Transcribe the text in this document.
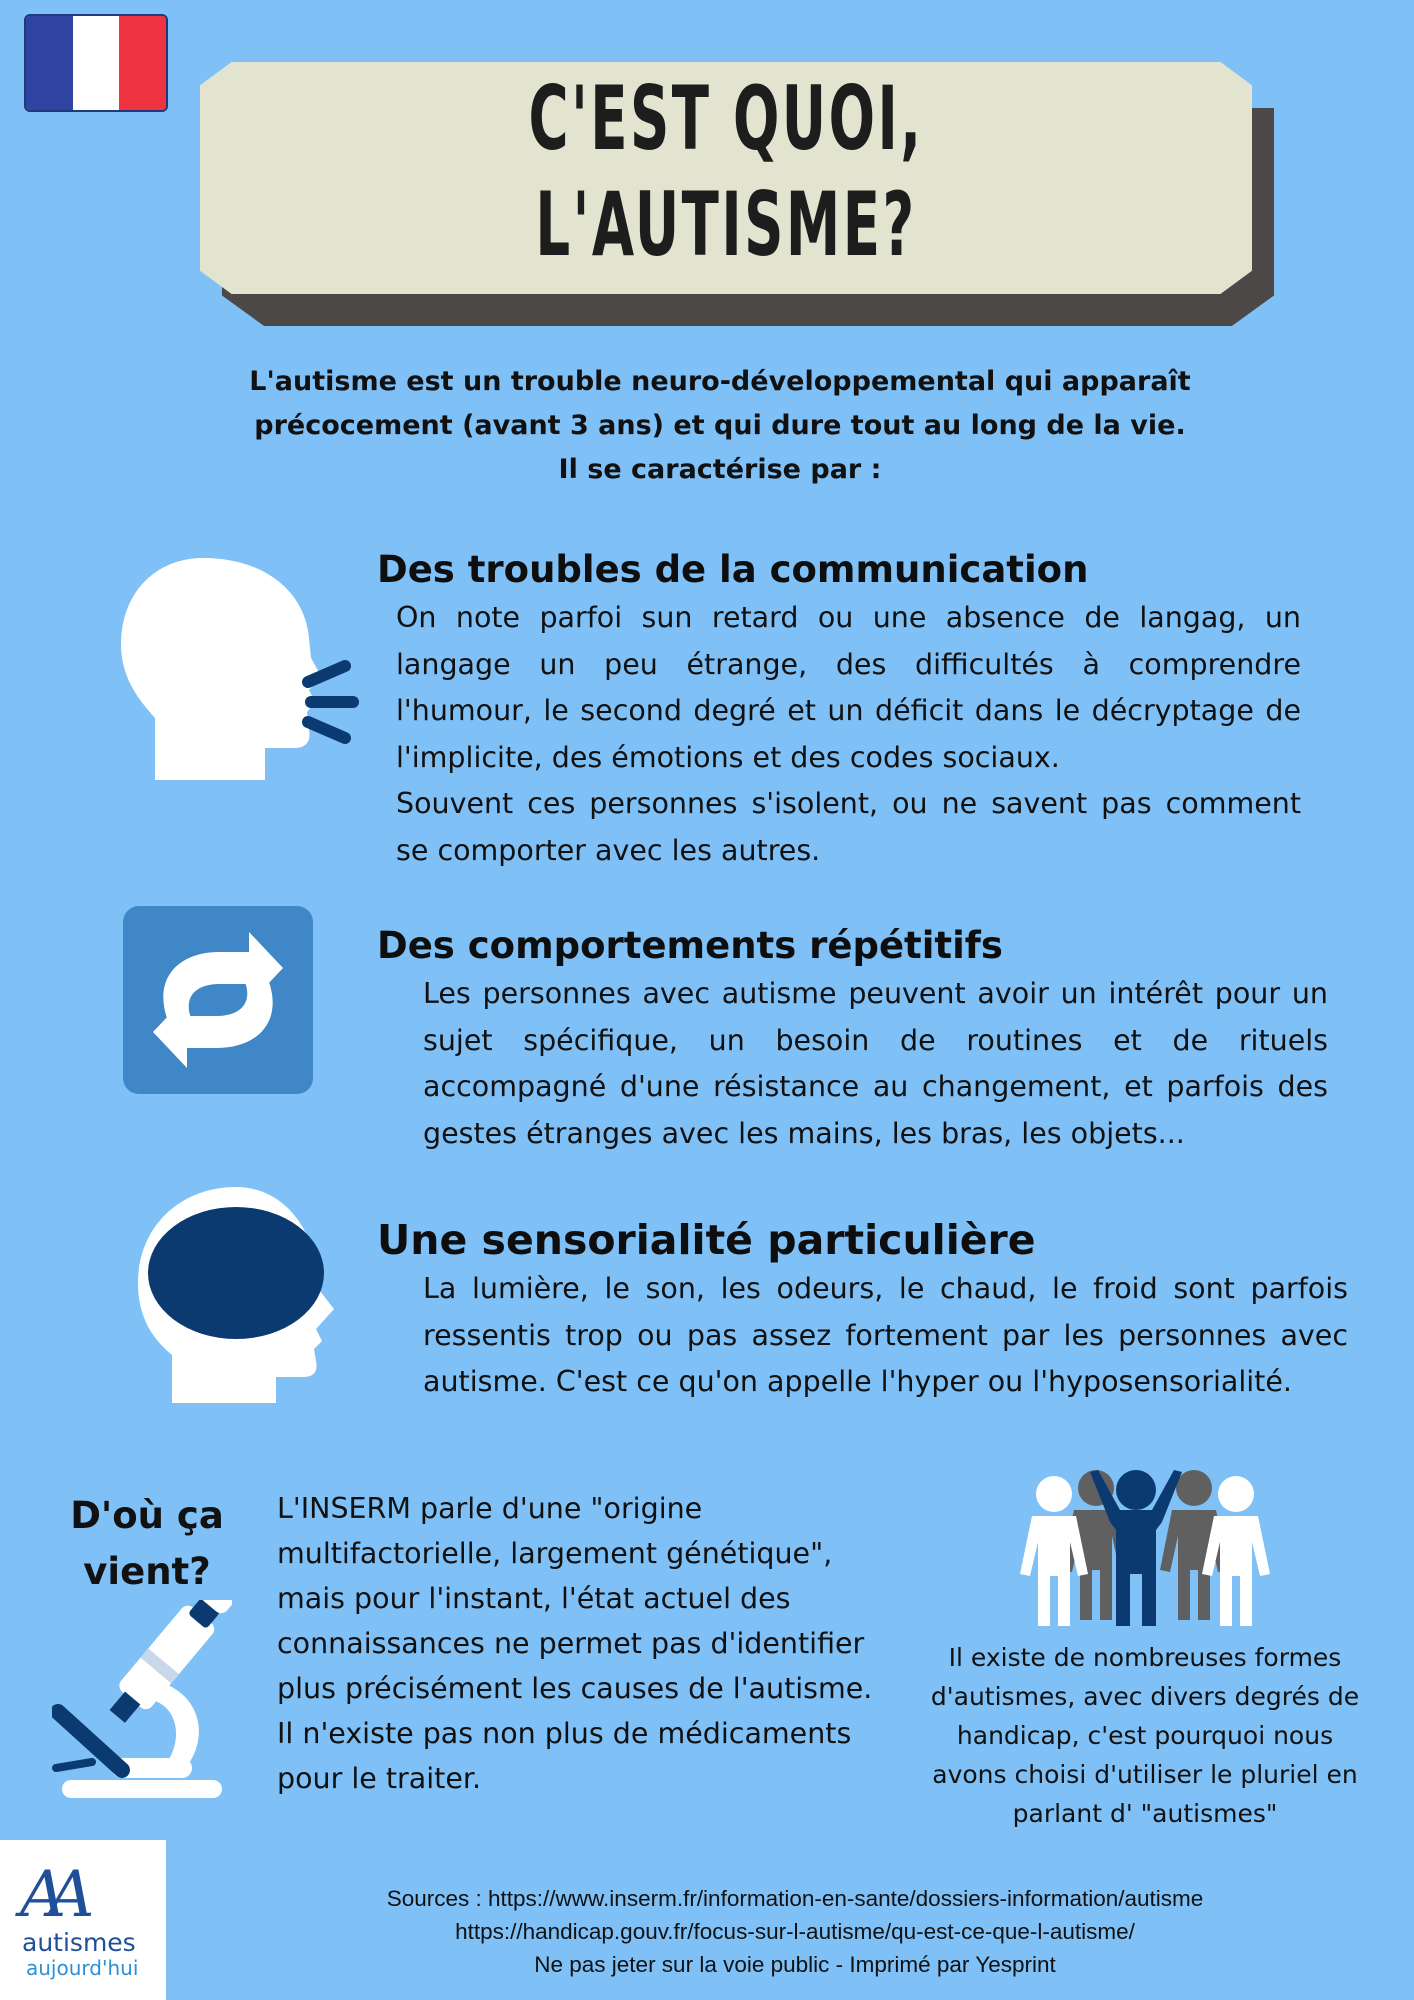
C'EST QUOI,
L'AUTISME?
L'autisme est un trouble neuro-développemental qui apparaît
précocement (avant 3 ans) et qui dure tout au long de la vie.
Il se caractérise par :
Des troubles de la communication
On note parfoi sun retard ou une absence de langag, un langage un peu étrange, des difficultés à comprendre l'humour, le second degré et un déficit dans le décryptage de l'implicite, des émotions et des codes sociaux.
Souvent ces personnes s'isolent, ou ne savent pas comment se comporter avec les autres.
Des comportements répétitifs
Les personnes avec autisme peuvent avoir un intérêt pour un sujet spécifique, un besoin de routines et de rituels accompagné d'une résistance au changement, et parfois des gestes étranges avec les mains, les bras, les objets...
Une sensorialité particulière
La lumière, le son, les odeurs, le chaud, le froid sont parfois ressentis trop ou pas assez fortement par les personnes avec autisme. C'est ce qu'on appelle l'hyper ou l'hyposensorialité.
D'où ça
vient?
L'INSERM parle d'une "origine multifactorielle, largement génétique", mais pour l'instant, l'état actuel des connaissances ne permet pas d'identifier plus précisément les causes de l'autisme.
Il n'existe pas non plus de médicaments pour le traiter.
Il existe de nombreuses formes d'autismes, avec divers degrés de handicap, c'est pourquoi nous avons choisi d'utiliser le pluriel en parlant d' "autismes"
AA
autismes
aujourd'hui
Sources : https://www.inserm.fr/information-en-sante/dossiers-information/autisme
https://handicap.gouv.fr/focus-sur-l-autisme/qu-est-ce-que-l-autisme/
Ne pas jeter sur la voie public - Imprimé par Yesprint
